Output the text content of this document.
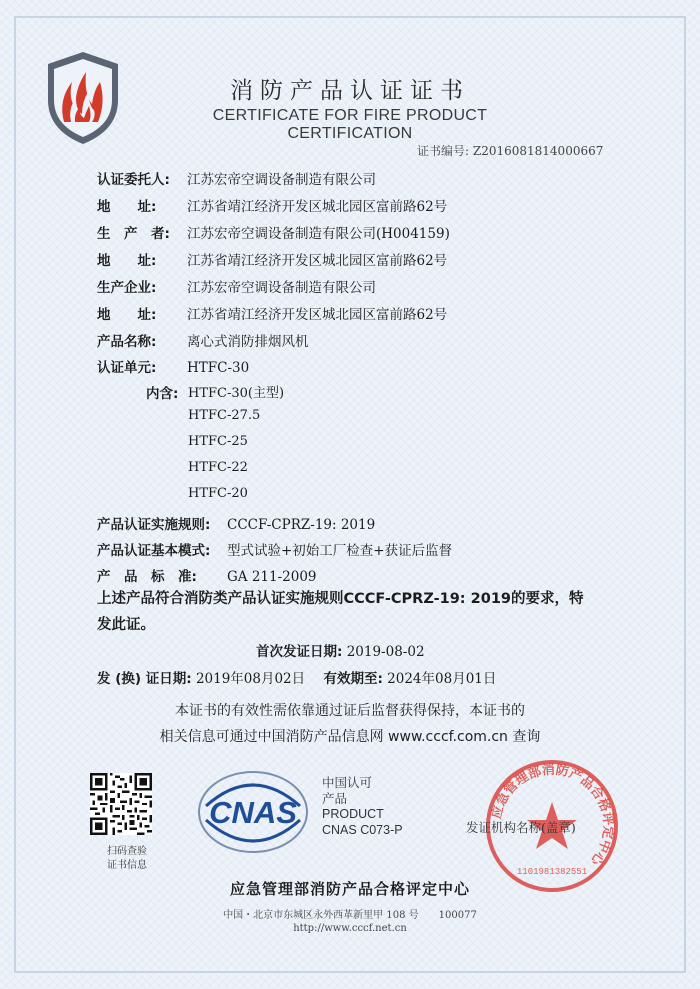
消防产品认证证书
CERTIFICATE FOR FIRE PRODUCT CERTIFICATION
证书编号: Z2016081814000667
认证委托人: 江苏宏帝空调设备制造有限公司
地　　址: 江苏省靖江经济开发区城北园区富前路62号
生　产　者: 江苏宏帝空调设备制造有限公司(H004159)
地　　址: 江苏省靖江经济开发区城北园区富前路62号
生产企业: 江苏宏帝空调设备制造有限公司
地　　址: 江苏省靖江经济开发区城北园区富前路62号
产品名称: 离心式消防排烟风机
认证单元: HTFC-30
内含: HTFC-30(主型)
HTFC-27.5
HTFC-25
HTFC-22
HTFC-20
产品认证实施规则: CCCF-CPRZ-19: 2019
产品认证基本模式: 型式试验+初始工厂检查+获证后监督
产　品　标　准: GA 211-2009
上述产品符合消防类产品认证实施规则CCCF-CPRZ-19: 2019的要求，特发此证。
首次发证日期: 2019-08-02
发 (换) 证日期: 2019年08月02日 有效期至: 2024年08月01日
本证书的有效性需依靠通过证后监督获得保持，本证书的
相关信息可通过中国消防产品信息网 www.cccf.com.cn 查询
扫码查验
证书信息
CNAS
中国认可
产品
PRODUCT
CNAS C073-P
应急管理部消防产品合格评定中心
1101981382551
发证机构名称(盖章)
应急管理部消防产品合格评定中心
中国・北京市东城区永外西革新里甲 108 号　　100077
http://www.cccf.net.cn
